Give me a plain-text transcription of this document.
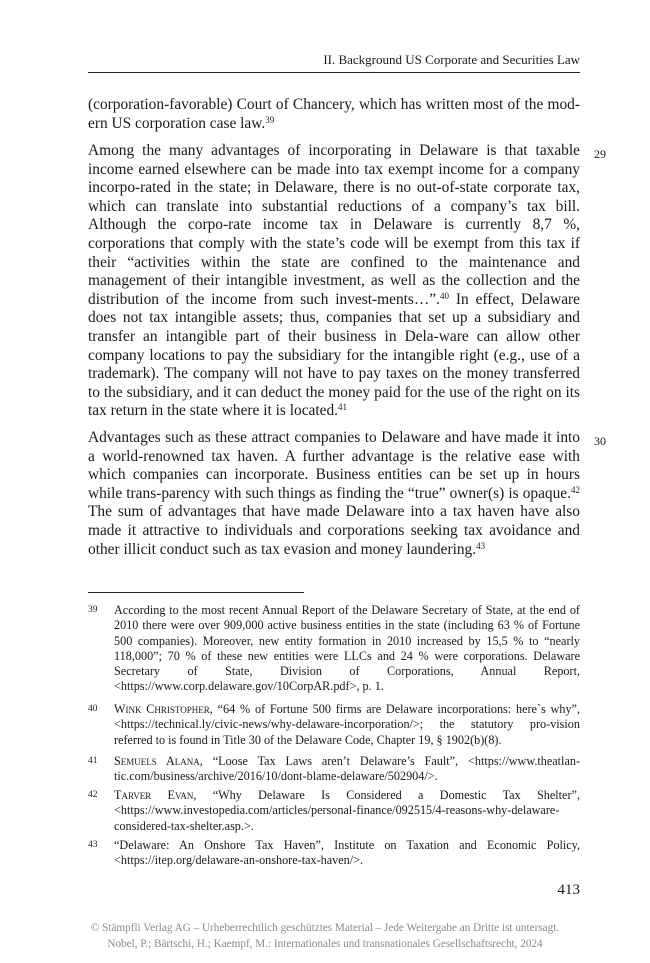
II. Background US Corporate and Securities Law

(corporation-favorable) Court of Chancery, which has written most of the mod-ern US corporation case law.$^{39}$

29

Among the many advantages of incorporating in Delaware is that taxable income earned elsewhere can be made into tax exempt income for a company incorpo-rated in the state; in Delaware, there is no out-of-state corporate tax, which can translate into substantial reductions of a company’s tax bill. Although the corpo-rate income tax in Delaware is currently 8,7 %, corporations that comply with the state’s code will be exempt from this tax if their “activities within the state are confined to the maintenance and management of their intangible investment, as well as the collection and the distribution of the income from such invest-ments…”.$^{40}$ In effect, Delaware does not tax intangible assets; thus, companies that set up a subsidiary and transfer an intangible part of their business in Dela-ware can allow other company locations to pay the subsidiary for the intangible right (e.g., use of a trademark). The company will not have to pay taxes on the money transferred to the subsidiary, and it can deduct the money paid for the use of the right on its tax return in the state where it is located.$^{41}$

30

Advantages such as these attract companies to Delaware and have made it into a world-renowned tax haven. A further advantage is the relative ease with which companies can incorporate. Business entities can be set up in hours while trans-parency with such things as finding the “true” owner(s) is opaque.$^{42}$ The sum of advantages that have made Delaware into a tax haven have also made it attractive to individuals and corporations seeking tax avoidance and other illicit conduct such as tax evasion and money laundering.$^{43}$

39 According to the most recent Annual Report of the Delaware Secretary of State, at the end of 2010 there were over 909,000 active business entities in the state (including 63 % of Fortune 500 companies). Moreover, new entity formation in 2010 increased by 15,5 % to “nearly 118,000”; 70 % of these new entities were LLCs and 24 % were corporations. Delaware Secretary of State, Division of Corporations, Annual Report, <https://www.corp.delaware.gov/10CorpAR.pdf>, p. 1.
40 Wink Christopher, “64 % of Fortune 500 firms are Delaware incorporations: here`s why”, <https://technical.ly/civic-news/why-delaware-incorporation/>; the statutory pro-vision referred to is found in Title 30 of the Delaware Code, Chapter 19, § 1902(b)(8).
41 Semuels Alana, “Loose Tax Laws aren’t Delaware’s Fault”, <https://www.theatlan-tic.com/business/archive/2016/10/dont-blame-delaware/502904/>.
42 Tarver Evan, “Why Delaware Is Considered a Domestic Tax Shelter”, <https://www.investopedia.com/articles/personal-finance/092515/4-reasons-why-delaware-considered-tax-shelter.asp.>.
43 “Delaware: An Onshore Tax Haven”, Institute on Taxation and Economic Policy, <https://itep.org/delaware-an-onshore-tax-haven/>.
413
© Stämpfli Verlag AG – Urheberrechtlich geschütztes Material – Jede Weitergabe an Dritte ist untersagt.
Nobel, P.; Bärtschi, H.; Kaempf, M.: Internationales und transnationales Gesellschaftsrecht, 2024
